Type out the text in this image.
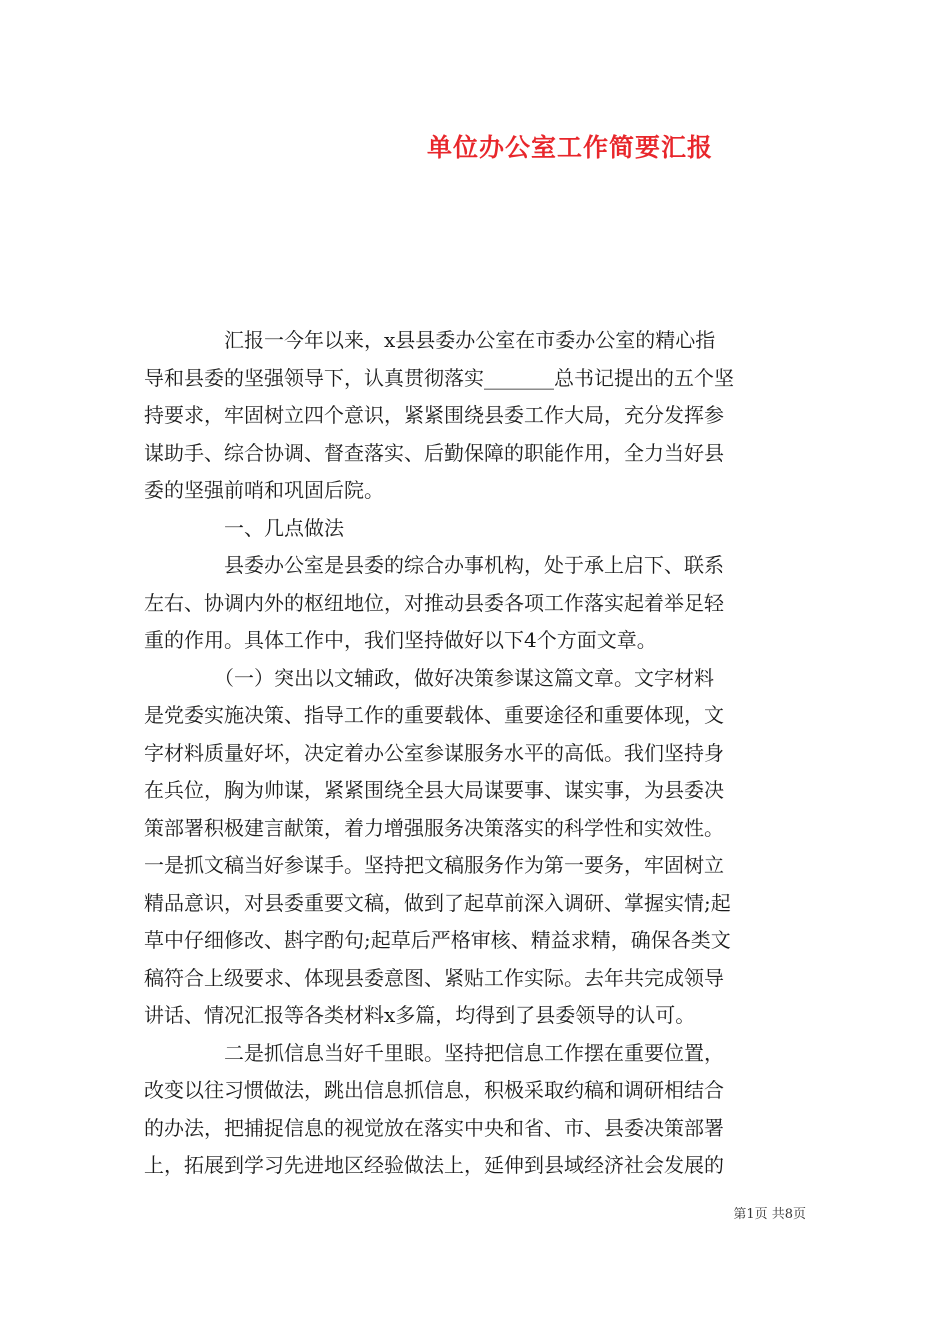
单位办公室工作简要汇报
　　　　汇报一今年以来，x县县委办公室在市委办公室的精心指
导和县委的坚强领导下，认真贯彻落实_______总书记提出的五个坚
持要求，牢固树立四个意识，紧紧围绕县委工作大局，充分发挥参
谋助手、综合协调、督查落实、后勤保障的职能作用，全力当好县
委的坚强前哨和巩固后院。
　　　　一、几点做法
　　　　县委办公室是县委的综合办事机构，处于承上启下、联系
左右、协调内外的枢纽地位，对推动县委各项工作落实起着举足轻
重的作用。具体工作中，我们坚持做好以下4个方面文章。
　　　　（一）突出以文辅政，做好决策参谋这篇文章。文字材料
是党委实施决策、指导工作的重要载体、重要途径和重要体现，文
字材料质量好坏，决定着办公室参谋服务水平的高低。我们坚持身
在兵位，胸为帅谋，紧紧围绕全县大局谋要事、谋实事，为县委决
策部署积极建言献策，着力增强服务决策落实的科学性和实效性。
一是抓文稿当好参谋手。坚持把文稿服务作为第一要务，牢固树立
精品意识，对县委重要文稿，做到了起草前深入调研、掌握实情;起
草中仔细修改、斟字酌句;起草后严格审核、精益求精，确保各类文
稿符合上级要求、体现县委意图、紧贴工作实际。去年共完成领导
讲话、情况汇报等各类材料x多篇，均得到了县委领导的认可。
　　　　二是抓信息当好千里眼。坚持把信息工作摆在重要位置，
改变以往习惯做法，跳出信息抓信息，积极采取约稿和调研相结合
的办法，把捕捉信息的视觉放在落实中央和省、市、县委决策部署
上，拓展到学习先进地区经验做法上，延伸到县域经济社会发展的
第1页 共8页
